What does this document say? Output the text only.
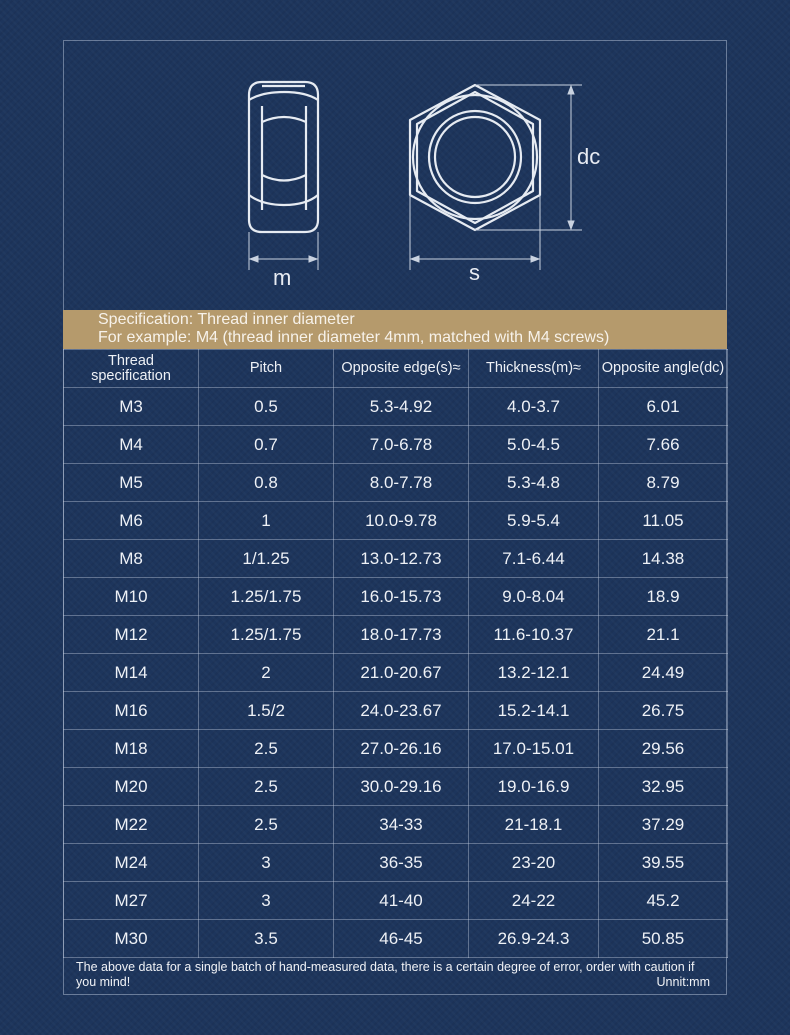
m	s
dc
Specification: Thread inner diameter
For example: M4 (thread inner diameter 4mm, matched with M4 screws)
Thread specification	Pitch	Opposite edge(s)≈	Thickness(m)≈	Opposite angle(dc)
M3	0.5	5.3-4.92	4.0-3.7	6.01
M4	0.7	7.0-6.78	5.0-4.5	7.66
M5	0.8	8.0-7.78	5.3-4.8	8.79
M6	1	10.0-9.78	5.9-5.4	11.05
M8	1/1.25	13.0-12.73	7.1-6.44	14.38
M10	1.25/1.75	16.0-15.73	9.0-8.04	18.9
M12	1.25/1.75	18.0-17.73	11.6-10.37	21.1
M14	2	21.0-20.67	13.2-12.1	24.49
M16	1.5/2	24.0-23.67	15.2-14.1	26.75
M18	2.5	27.0-26.16	17.0-15.01	29.56
M20	2.5	30.0-29.16	19.0-16.9	32.95
M22	2.5	34-33	21-18.1	37.29
M24	3	36-35	23-20	39.55
M27	3	41-40	24-22	45.2
M30	3.5	46-45	26.9-24.3	50.85
The above data for a single batch of hand-measured data, there is a certain degree of error, order with caution if you mind!	Unnit:mm
